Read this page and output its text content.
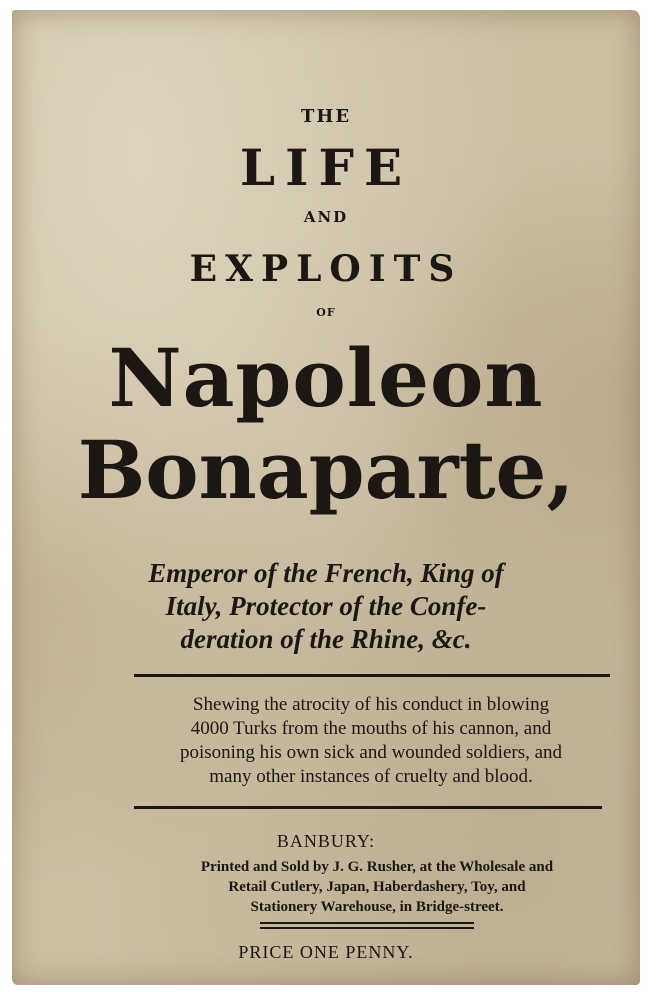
THE
LIFE
AND
EXPLOITS
OF
Napoleon
Bonaparte,
Emperor of the French, King of
Italy, Protector of the Confe-
deration of the Rhine, &c.
Shewing the atrocity of his conduct in blowing
4000 Turks from the mouths of his cannon, and
poisoning his own sick and wounded soldiers, and
many other instances of cruelty and blood.
BANBURY:
Printed and Sold by J. G. Rusher, at the Wholesale and
Retail Cutlery, Japan, Haberdashery, Toy, and
Stationery Warehouse, in Bridge-street.
PRICE ONE PENNY.
